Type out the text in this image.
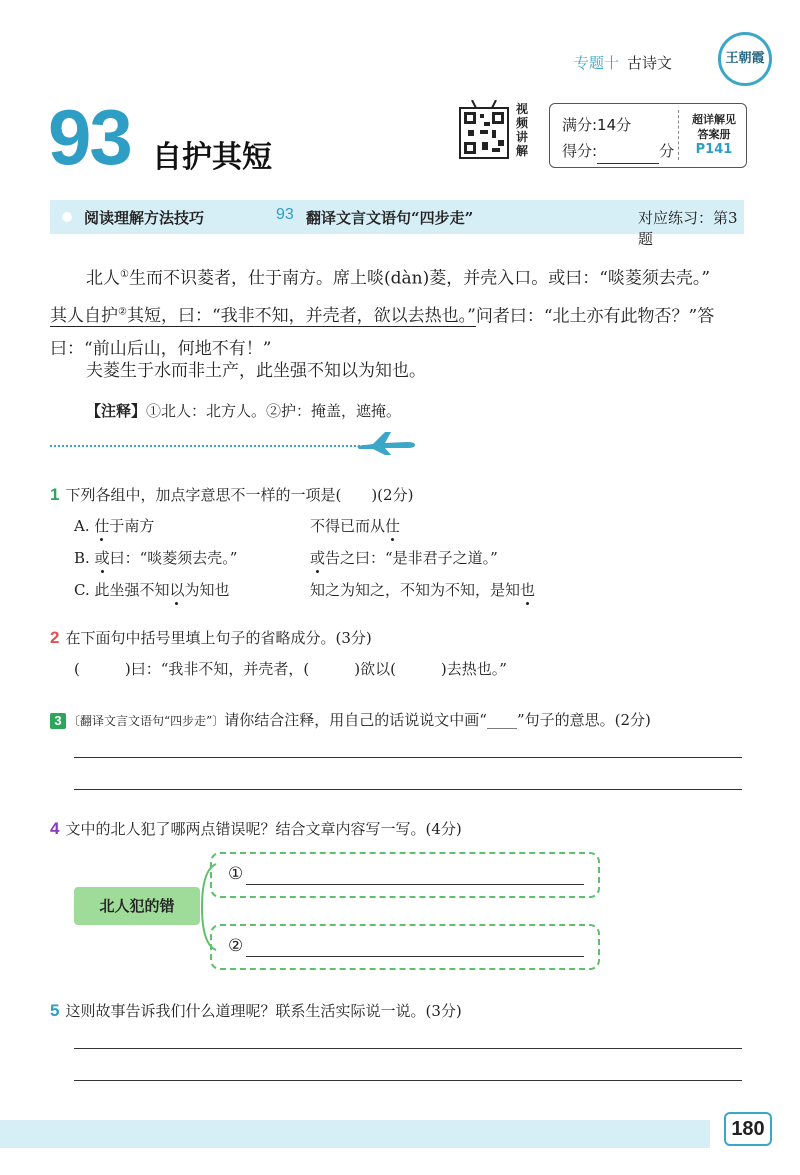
专题十 古诗文	王朝霞
93 自护其短
视频讲解
满分:14分
得分:	分
超详解见
答案册
P141
阅读理解方法技巧	93 翻译文言文语句“四步走”	对应练习：第3题
北人①生而不识菱者，仕于南方。席上啖(dàn)菱，并壳入口。或曰：“啖菱须去壳。”
其人自护②其短，曰：“我非不知，并壳者，欲以去热也。”问者曰：“北土亦有此物否？”答曰：“前山后山，何地不有！”
夫菱生于水而非土产，此坐强不知以为知也。
【注释】①北人：北方人。②护：掩盖，遮掩。
1 下列各组中，加点字意思不一样的一项是(　　)(2分)
A. 仕于南方	不得已而从仕
B. 或曰：“啖菱须去壳。”	或告之曰：“是非君子之道。”
C. 此坐强不知以为知也	知之为知之，不知为不知，是知也
2 在下面句中括号里填上句子的省略成分。(3分)
(　　　)曰：“我非不知，并壳者，(　　　)欲以(　　　)去热也。”
3 〔翻译文言文语句“四步走”〕请你结合注释，用自己的话说说文中画“____”句子的意思。(2分)
4 文中的北人犯了哪两点错误呢？结合文章内容写一写。(4分)
北人犯的错
①
②
5 这则故事告诉我们什么道理呢？联系生活实际说一说。(3分)
180
